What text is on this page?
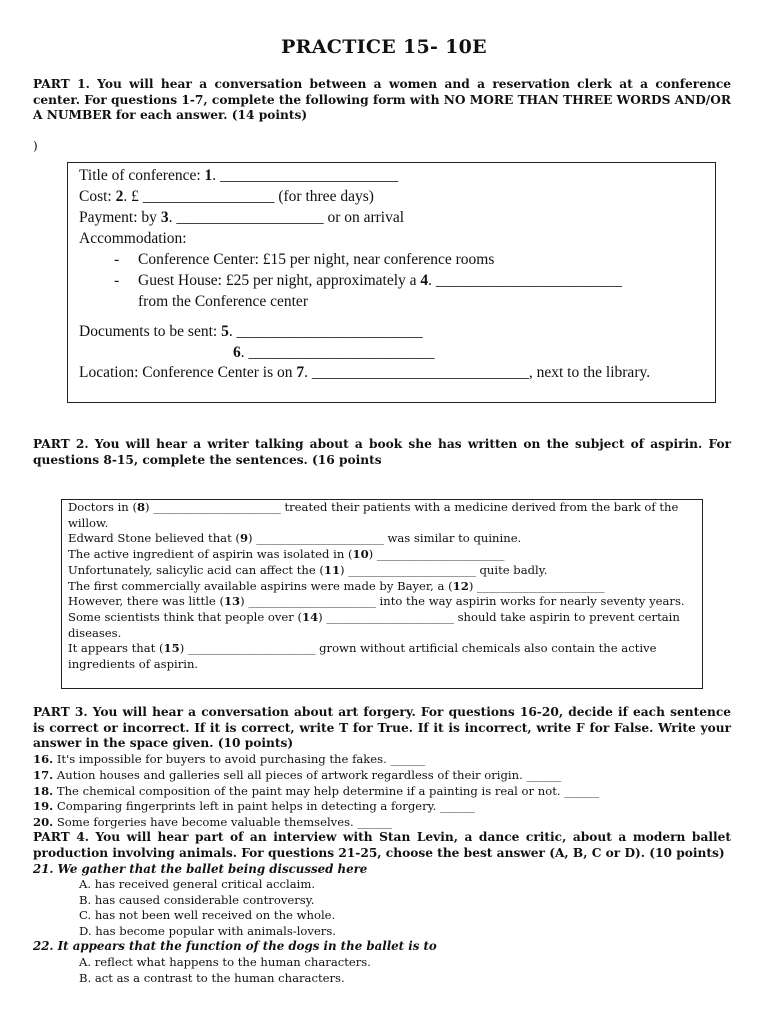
PRACTICE 15- 10E
PART 1. You will hear a conversation between a women and a reservation clerk at a conference center. For questions 1-7, complete the following form with NO MORE THAN THREE WORDS AND/OR A NUMBER for each answer. (14 points)
)
Title of conference: 1. _______________________
Cost: 2. £ _________________ (for three days)
Payment: by 3. ___________________ or on arrival
Accommodation:
- Conference Center: £15 per night, near conference rooms
- Guest House: £25 per night, approximately a 4. ________________________
from the Conference center
Documents to be sent: 5. ________________________
6. ________________________
Location: Conference Center is on 7. ____________________________, next to the library.
PART 2. You will hear a writer talking about a book she has written on the subject of aspirin. For questions 8-15, complete the sentences. (16 points
Doctors in (8) ______________________ treated their patients with a medicine derived from the bark of the willow.
Edward Stone believed that (9) ______________________ was similar to quinine.
The active ingredient of aspirin was isolated in (10) ______________________
Unfortunately, salicylic acid can affect the (11) ______________________ quite badly.
The first commercially available aspirins were made by Bayer, a (12) ______________________
However, there was little (13) ______________________ into the way aspirin works for nearly seventy years.
Some scientists think that people over (14) ______________________ should take aspirin to prevent certain diseases.
It appears that (15) ______________________ grown without artificial chemicals also contain the active ingredients of aspirin.
PART 3. You will hear a conversation about art forgery. For questions 16-20, decide if each sentence is correct or incorrect. If it is correct, write T for True. If it is incorrect, write F for False. Write your answer in the space given. (10 points)
16. It's impossible for buyers to avoid purchasing the fakes. ______
17. Aution houses and galleries sell all pieces of artwork regardless of their origin. ______
18. The chemical composition of the paint may help determine if a painting is real or not. ______
19. Comparing fingerprints left in paint helps in detecting a forgery. ______
20. Some forgeries have become valuable themselves. ______
PART 4. You will hear part of an interview with Stan Levin, a dance critic, about a modern ballet production involving animals. For questions 21-25, choose the best answer (A, B, C or D). (10 points)
21. We gather that the ballet being discussed here
A. has received general critical acclaim.
B. has caused considerable controversy.
C. has not been well received on the whole.
D. has become popular with animals-lovers.
22. It appears that the function of the dogs in the ballet is to
A. reflect what happens to the human characters.
B. act as a contrast to the human characters.
